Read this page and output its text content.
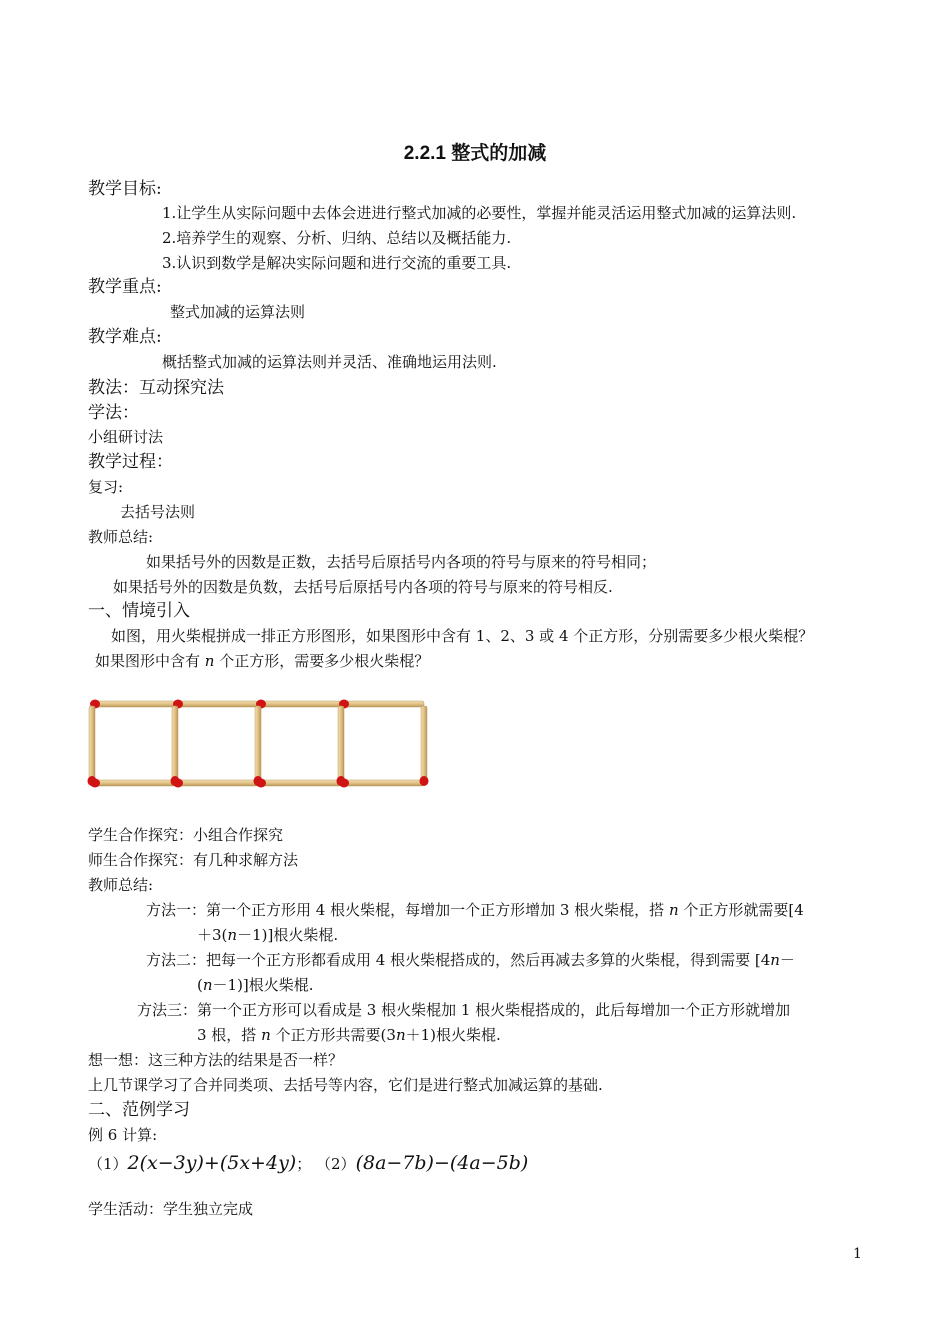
2.2.1 整式的加减
教学目标:
1.让学生从实际问题中去体会进进行整式加减的必要性，掌握并能灵活运用整式加减的运算法则.
2.培养学生的观察、分析、归纳、总结以及概括能力.
3.认识到数学是解决实际问题和进行交流的重要工具.
教学重点:
整式加减的运算法则
教学难点:
概括整式加减的运算法则并灵活、准确地运用法则.
教法：互动探究法
学法：
小组研讨法
教学过程：
复习:
去括号法则
教师总结:
如果括号外的因数是正数，去括号后原括号内各项的符号与原来的符号相同；
如果括号外的因数是负数，去括号后原括号内各项的符号与原来的符号相反.
一、情境引入
如图，用火柴棍拼成一排正方形图形，如果图形中含有 1、2、3 或 4 个正方形，分别需要多少根火柴棍？
如果图形中含有 n 个正方形，需要多少根火柴棍？
学生合作探究：小组合作探究
师生合作探究：有几种求解方法
教师总结:
方法一：第一个正方形用 4 根火柴棍，每增加一个正方形增加 3 根火柴棍，搭 n 个正方形就需要[4
＋3(n－1)]根火柴棍.
方法二：把每一个正方形都看成用 4 根火柴棍搭成的，然后再减去多算的火柴棍，得到需要 [4n－
(n－1)]根火柴棍.
方法三：第一个正方形可以看成是 3 根火柴棍加 1 根火柴棍搭成的，此后每增加一个正方形就增加
3 根，搭 n 个正方形共需要(3n＋1)根火柴棍.
想一想：这三种方法的结果是否一样？
上几节课学习了合并同类项、去括号等内容，它们是进行整式加减运算的基础.
二、范例学习
例 6 计算:
（1）2(x−3y)+(5x+4y)； （2）(8a−7b)−(4a−5b)
学生活动：学生独立完成
1
